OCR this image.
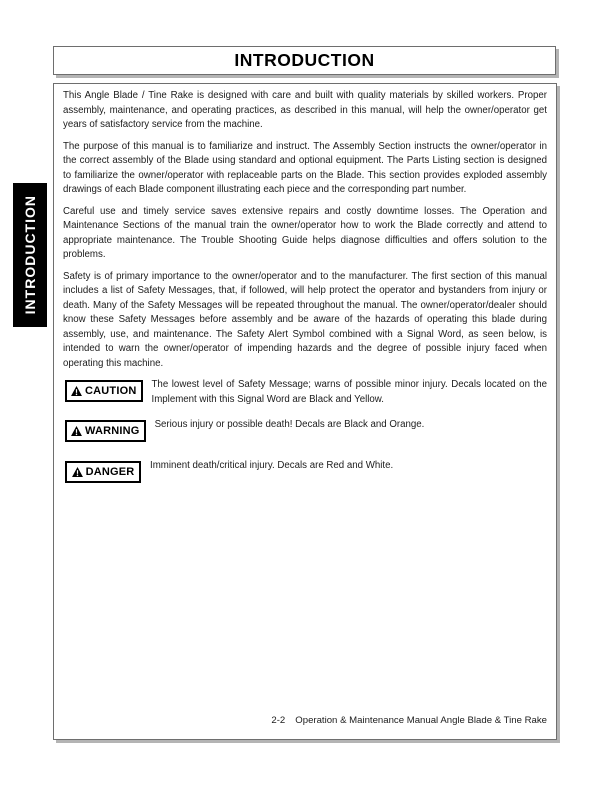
INTRODUCTION
INTRODUCTION

This Angle Blade / Tine Rake is designed with care and built with quality materials by skilled workers. Proper assembly, maintenance, and operating practices, as described in this manual, will help the owner/operator get years of satisfactory service from the machine.

The purpose of this manual is to familiarize and instruct. The Assembly Section instructs the owner/operator in the correct assembly of the Blade using standard and optional equipment. The Parts Listing section is designed to familiarize the owner/operator with replaceable parts on the Blade. This section provides exploded assembly drawings of each Blade component illustrating each piece and the corresponding part number.

Careful use and timely service saves extensive repairs and costly downtime losses. The Operation and Maintenance Sections of the manual train the owner/operator how to work the Blade correctly and attend to appropriate maintenance. The Trouble Shooting Guide helps diagnose difficulties and offers solution to the problems.

Safety is of primary importance to the owner/operator and to the manufacturer. The first section of this manual includes a list of Safety Messages, that, if followed, will help protect the operator and bystanders from injury or death. Many of the Safety Messages will be repeated throughout the manual. The owner/operator/dealer should know these Safety Messages before assembly and be aware of the hazards of operating this blade during assembly, use, and maintenance. The Safety Alert Symbol combined with a Signal Word, as seen below, is intended to warn the owner/operator of impending hazards and the degree of possible injury faced when operating this machine.

CAUTION

The lowest level of Safety Message; warns of possible minor injury. Decals located on the Implement with this Signal Word are Black and Yellow.

WARNING

Serious injury or possible death! Decals are Black and Orange.

DANGER

Imminent death/critical injury. Decals are Red and White.

2-2 Operation & Maintenance Manual Angle Blade & Tine Rake
